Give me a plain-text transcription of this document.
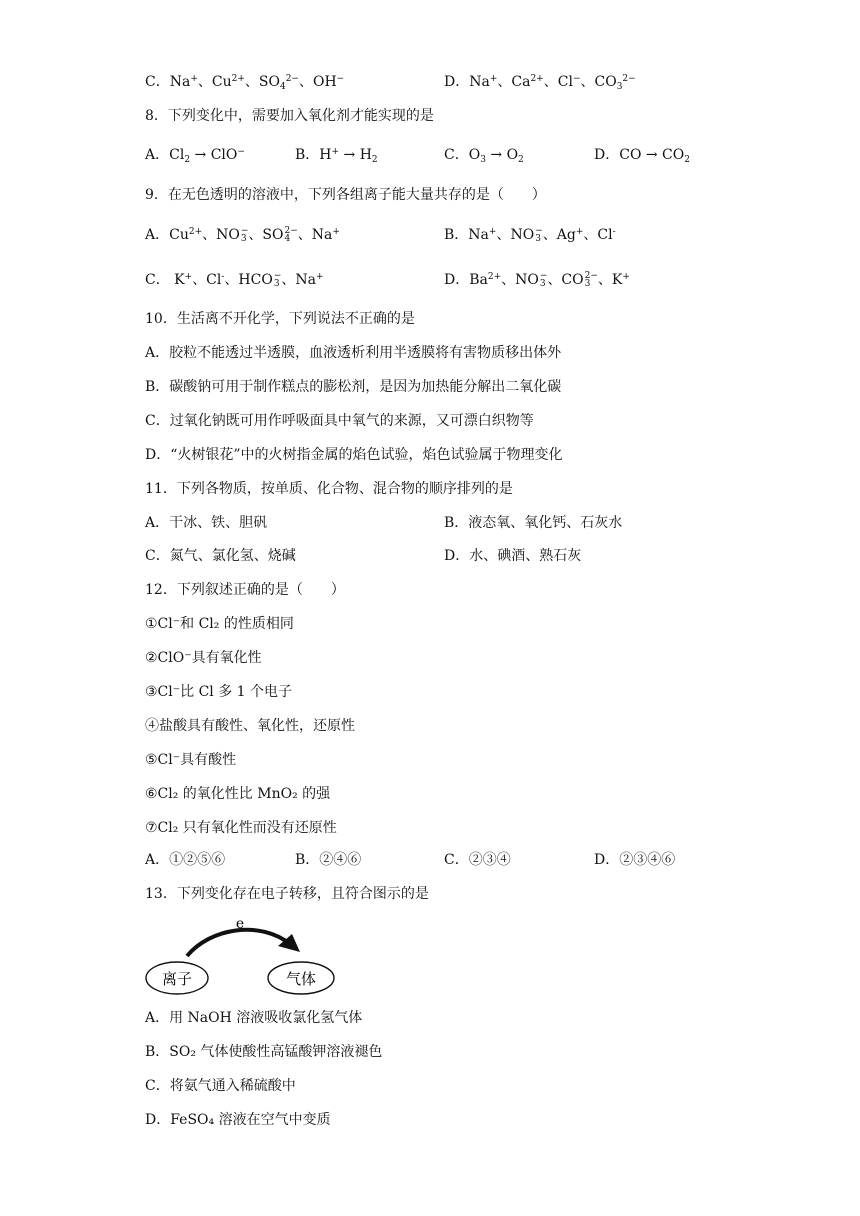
C．Na+、$Cu^{2+}$、$SO_4^{2-}$、OH−	D．Na+、$Ca^{2+}$、Cl−、$CO_3^{2-}$
8．下列变化中，需要加入氧化剂才能实现的是
A．$Cl_2 \to ClO^-$	B．$H^+ \to H_2$	C．$O_3 \to O_2$	D．CO → $CO_2$
9．在无色透明的溶液中，下列各组离子能大量共存的是（　　）
A．$Cu^{2+}$、NO −
3 、SO 2−
4 、Na+	B．Na+、NO −
3 、Ag+、Cl-
C． K+、Cl-、HCO −
3 、Na+	D．$Ba^{2+}$、NO −
3 、CO 2−
3 、K+
10．生活离不开化学，下列说法不正确的是
A．胶粒不能透过半透膜，血液透析利用半透膜将有害物质移出体外
B．碳酸钠可用于制作糕点的膨松剂，是因为加热能分解出二氧化碳
C．过氧化钠既可用作呼吸面具中氧气的来源，又可漂白织物等
D．“火树银花”中的火树指金属的焰色试验，焰色试验属于物理变化
11．下列各物质，按单质、化合物、混合物的顺序排列的是
A．干冰、铁、胆矾	B．液态氧、氧化钙、石灰水
C．氮气、氯化氢、烧碱	D．水、碘酒、熟石灰
12．下列叙述正确的是（　　）
①Cl⁻和 Cl₂ 的性质相同
②ClO⁻具有氧化性
③Cl⁻比 Cl 多 1 个电子
④盐酸具有酸性、氧化性，还原性
⑤Cl⁻具有酸性
⑥Cl₂ 的氧化性比 MnO₂ 的强
⑦Cl₂ 只有氧化性而没有还原性
A．①②⑤⑥	B．②④⑥	C．②③④	D．②③④⑥
13．下列变化存在电子转移，且符合图示的是
e
离子	气体
A．用 NaOH 溶液吸收氯化氢气体
B．SO₂ 气体使酸性高锰酸钾溶液褪色
C．将氨气通入稀硫酸中
D．FeSO₄ 溶液在空气中变质
